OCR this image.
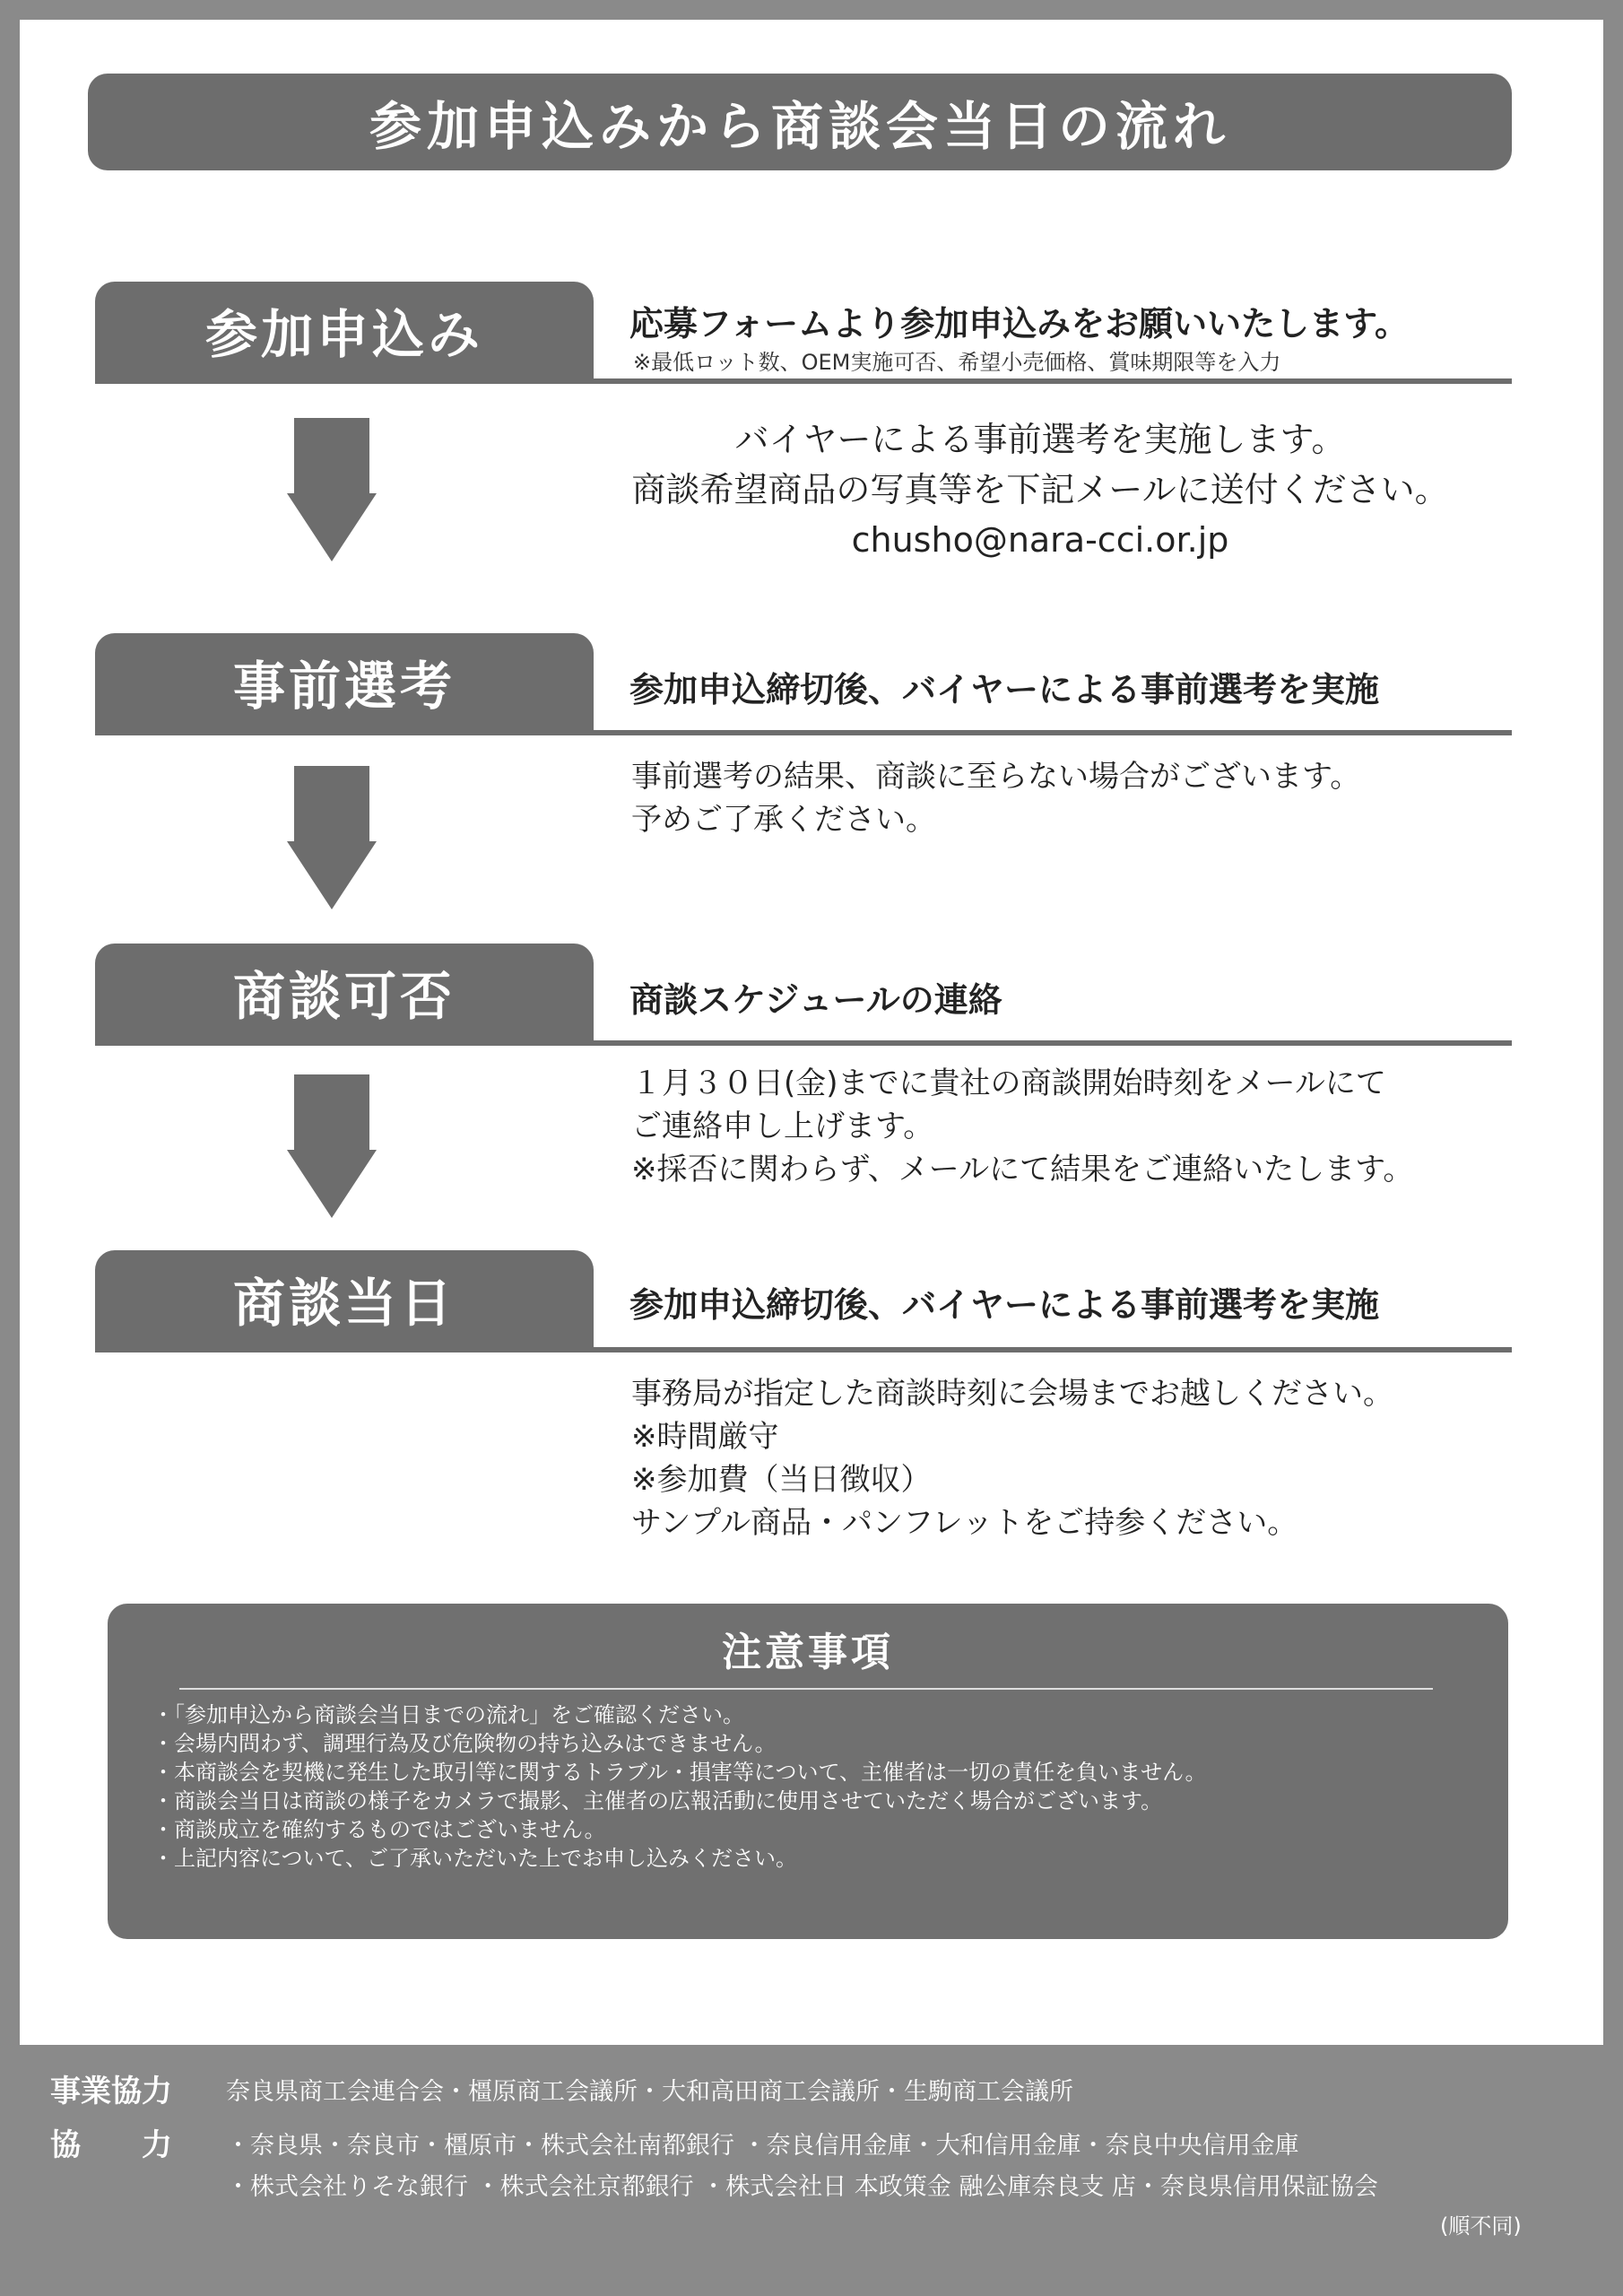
参加申込みから商談会当日の流れ
参加申込み	応募フォームより参加申込みをお願いいたします。
※最低ロット数、OEM実施可否、希望小売価格、賞味期限等を入力
バイヤーによる事前選考を実施します。
商談希望商品の写真等を下記メールに送付ください。
chusho@nara-cci.or.jp
事前選考	参加申込締切後、バイヤーによる事前選考を実施
事前選考の結果、商談に至らない場合がございます。
予めご了承ください。
商談可否	商談スケジュールの連絡
１月３０日(金)までに貴社の商談開始時刻をメールにて
ご連絡申し上げます。
※採否に関わらず、メールにて結果をご連絡いたします。
商談当日	参加申込締切後、バイヤーによる事前選考を実施
事務局が指定した商談時刻に会場までお越しください。
※時間厳守
※参加費（当日徴収）
サンプル商品・パンフレットをご持参ください。
注意事項
・ 「参加申込から商談会当日までの流れ」をご確認ください。
・ 会場内問わず、調理行為及び危険物の持ち込みはできません。
・ 本商談会を契機に発生した取引等に関するトラブル・損害等について、主催者は一切の責任を負いません。
・ 商談会当日は商談の様子をカメラで撮影、主催者の広報活動に使用させていただく場合がございます。
・ 商談成立を確約するものではございません。
・ 上記内容について、ご了承いただいた上でお申し込みください。
事業協力 奈良県商工会連合会・橿原商工会議所・大和高田商工会議所・生駒商工会議所
協　　力 ・奈良県・奈良市・橿原市・株式会社南都銀行 ・奈良信用金庫・大和信用金庫・奈良中央信用金庫
・株式会社りそな銀行 ・株式会社京都銀行 ・株式会社日 本政策金 融公庫奈良支 店・奈良県信用保証協会
(順不同)
